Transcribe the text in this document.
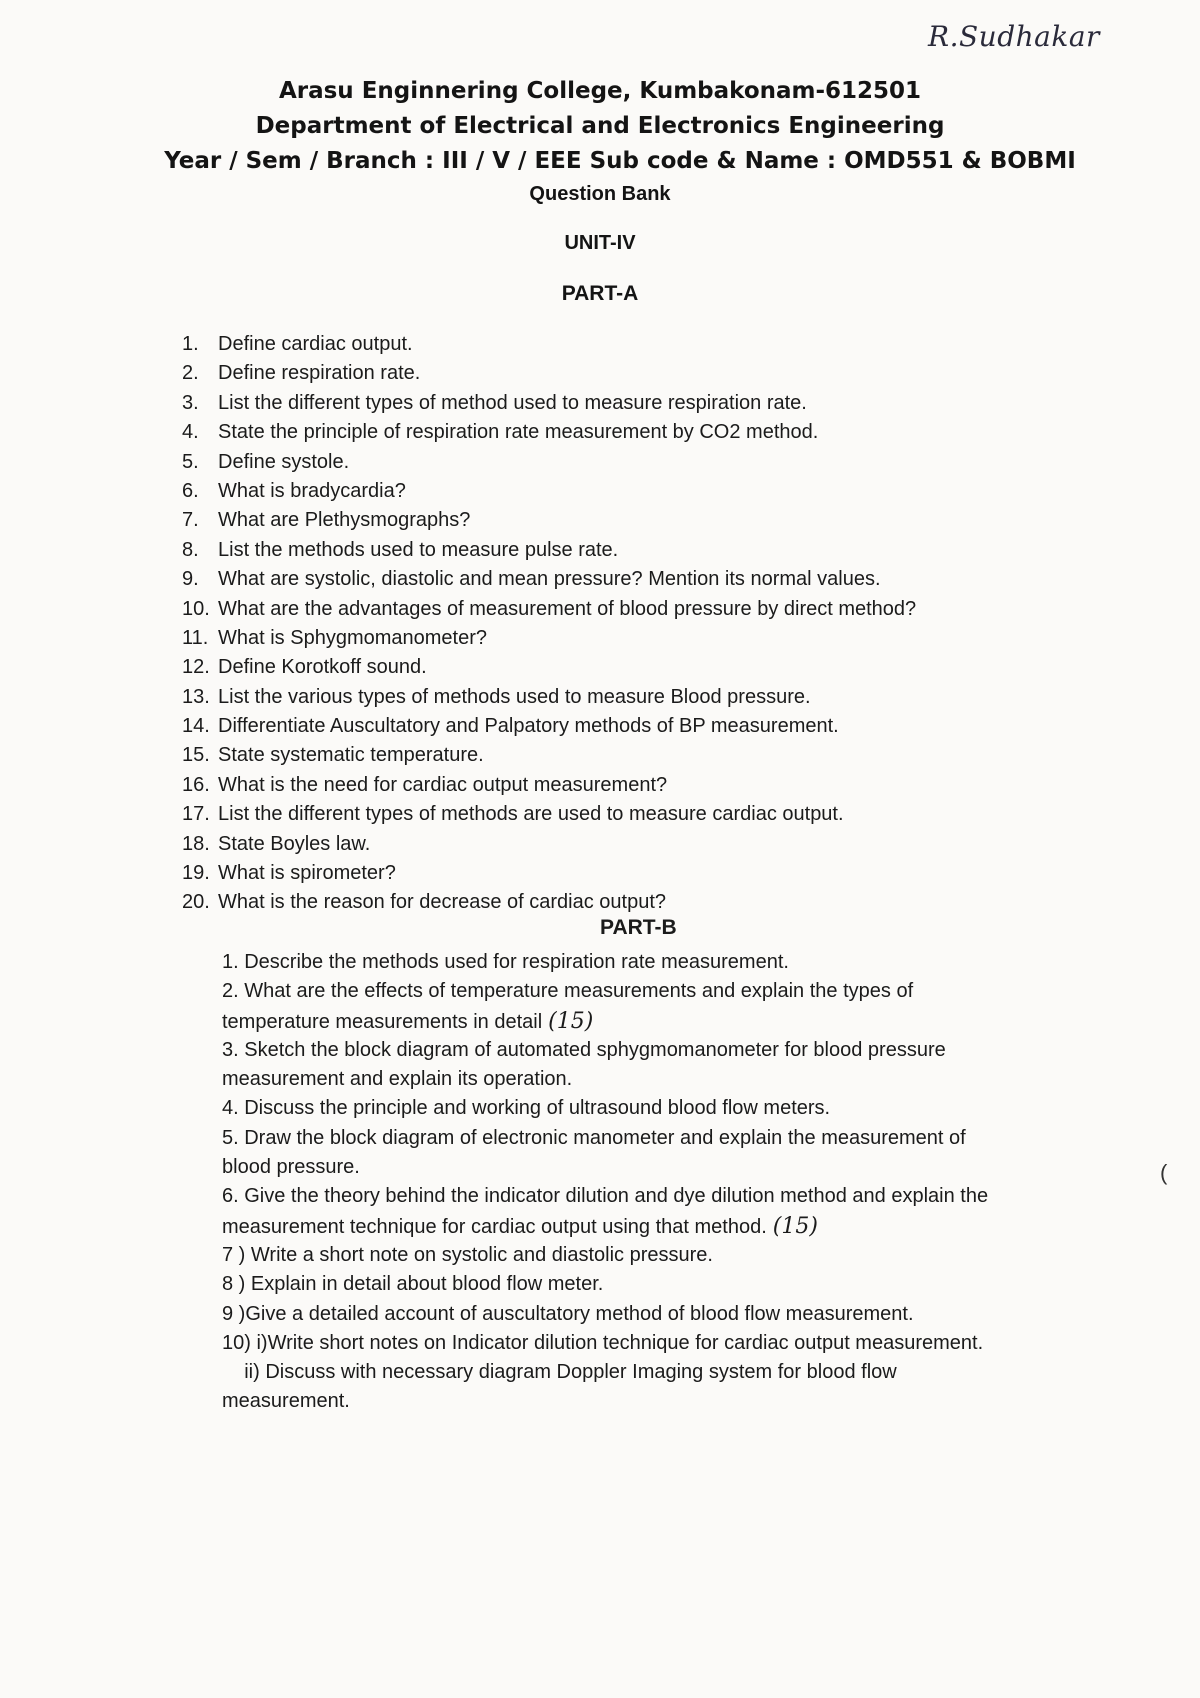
R.Sudhakar
Arasu Enginnering College, Kumbakonam-612501
Department of Electrical and Electronics Engineering
Year / Sem / Branch : III / V / EEE Sub code & Name : OMD551 & BOBMI
Question Bank
UNIT-IV
PART-A
1. Define cardiac output.
2. Define respiration rate.
3. List the different types of method used to measure respiration rate.
4. State the principle of respiration rate measurement by CO2 method.
5. Define systole.
6. What is bradycardia?
7. What are Plethysmographs?
8. List the methods used to measure pulse rate.
9. What are systolic, diastolic and mean pressure? Mention its normal values.
10. What are the advantages of measurement of blood pressure by direct method?
11. What is Sphygmomanometer?
12. Define Korotkoff sound.
13. List the various types of methods used to measure Blood pressure.
14. Differentiate Auscultatory and Palpatory methods of BP measurement.
15. State systematic temperature.
16. What is the need for cardiac output measurement?
17. List the different types of methods are used to measure cardiac output.
18. State Boyles law.
19. What is spirometer?
20. What is the reason for decrease of cardiac output?
PART-B
1. Describe the methods used for respiration rate measurement.
2. What are the effects of temperature measurements and explain the types of
temperature measurements in detail (15)
3. Sketch the block diagram of automated sphygmomanometer for blood pressure
measurement and explain its operation.
4. Discuss the principle and working of ultrasound blood flow meters.
5. Draw the block diagram of electronic manometer and explain the measurement of
blood pressure.
6. Give the theory behind the indicator dilution and dye dilution method and explain the
measurement technique for cardiac output using that method. (15)
7 ) Write a short note on systolic and diastolic pressure.
8 ) Explain in detail about blood flow meter.
9 )Give a detailed account of auscultatory method of blood flow measurement.
10) i)Write short notes on Indicator dilution technique for cardiac output measurement.
ii) Discuss with necessary diagram Doppler Imaging system for blood flow
measurement.
(
